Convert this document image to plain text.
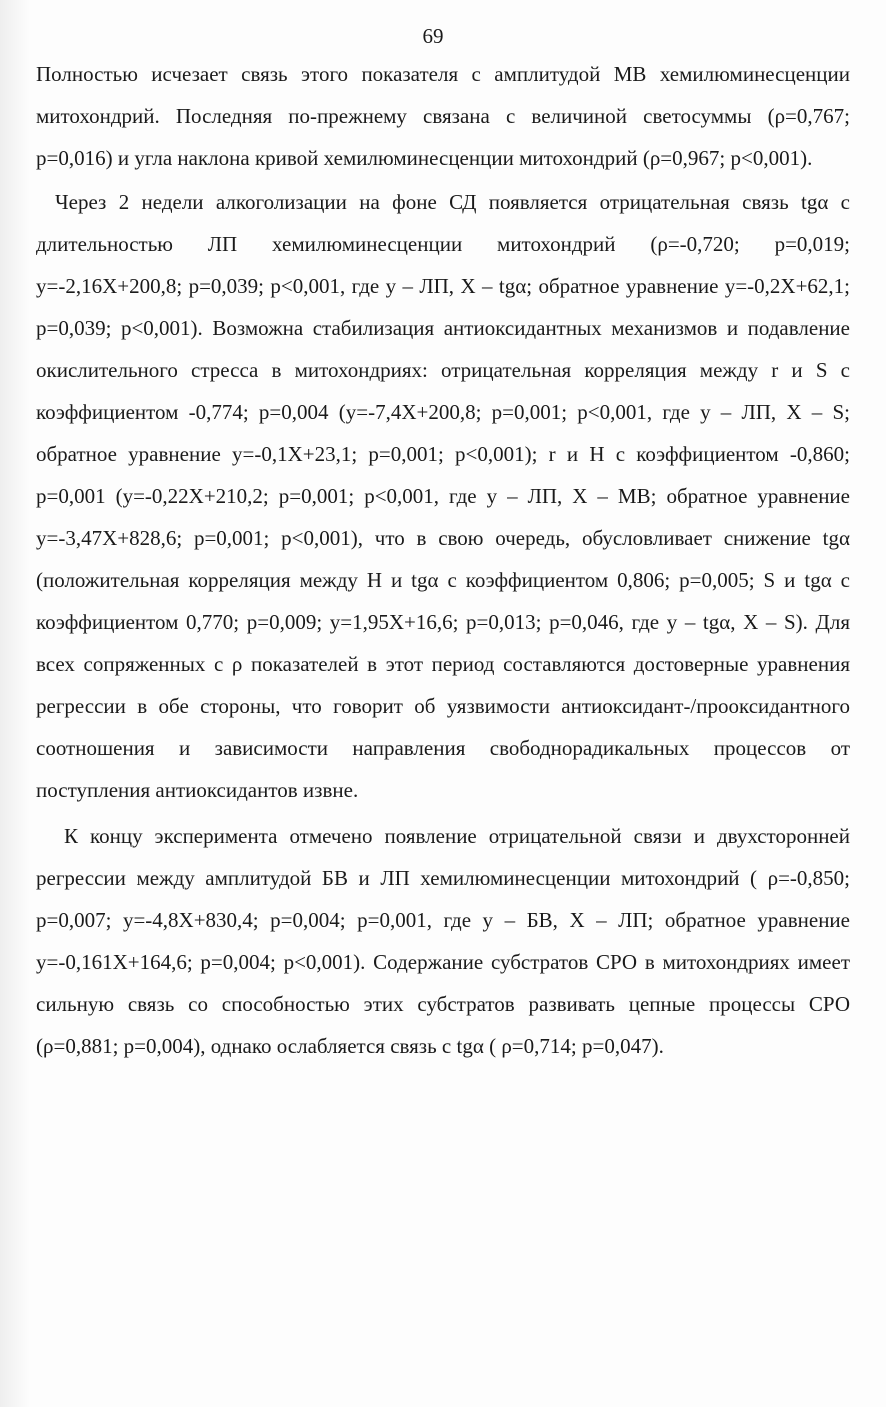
69

Полностью исчезает связь этого показателя с амплитудой МВ хемилюминесценции митохондрий. Последняя по-прежнему связана с величиной светосуммы (ρ=0,767; p=0,016) и угла наклона кривой хемилюминесценции митохондрий (ρ=0,967; p<0,001).

Через 2 недели алкоголизации на фоне СД появляется отрицательная связь tgα с длительностью ЛП хемилюминесценции митохондрий (ρ=-0,720; p=0,019; y=-2,16X+200,8; p=0,039; p<0,001, где y – ЛП, X – tgα; обратное уравнение y=-0,2X+62,1; p=0,039; p<0,001). Возможна стабилизация антиоксидантных механизмов и подавление окислительного стресса в митохондриях: отрицательная корреляция между r и S с коэффициентом -0,774; p=0,004 (y=-7,4X+200,8; p=0,001; p<0,001, где y – ЛП, X – S; обратное уравнение y=-0,1X+23,1; p=0,001; p<0,001); r и H с коэффициентом -0,860; p=0,001 (y=-0,22X+210,2; p=0,001; p<0,001, где y – ЛП, X – МВ; обратное уравнение y=-3,47X+828,6; p=0,001; p<0,001), что в свою очередь, обусловливает снижение tgα (положительная корреляция между H и tgα с коэффициентом 0,806; p=0,005; S и tgα с коэффициентом 0,770; p=0,009; y=1,95X+16,6; p=0,013; p=0,046, где y – tgα, X – S). Для всех сопряженных с ρ показателей в этот период составляются достоверные уравнения регрессии в обе стороны, что говорит об уязвимости антиоксидант-/прооксидантного соотношения и зависимости направления свободнорадикальных процессов от поступления антиоксидантов извне.

К концу эксперимента отмечено появление отрицательной связи и двухсторонней регрессии между амплитудой БВ и ЛП хемилюминесценции митохондрий ( ρ=-0,850; p=0,007; y=-4,8X+830,4; p=0,004; p=0,001, где y – БВ, X – ЛП; обратное уравнение y=-0,161X+164,6; p=0,004; p<0,001). Содержание субстратов СРО в митохондриях имеет сильную связь со способностью этих субстратов развивать цепные процессы СРО (ρ=0,881; p=0,004), однако ослабляется связь с tgα ( ρ=0,714; p=0,047).
